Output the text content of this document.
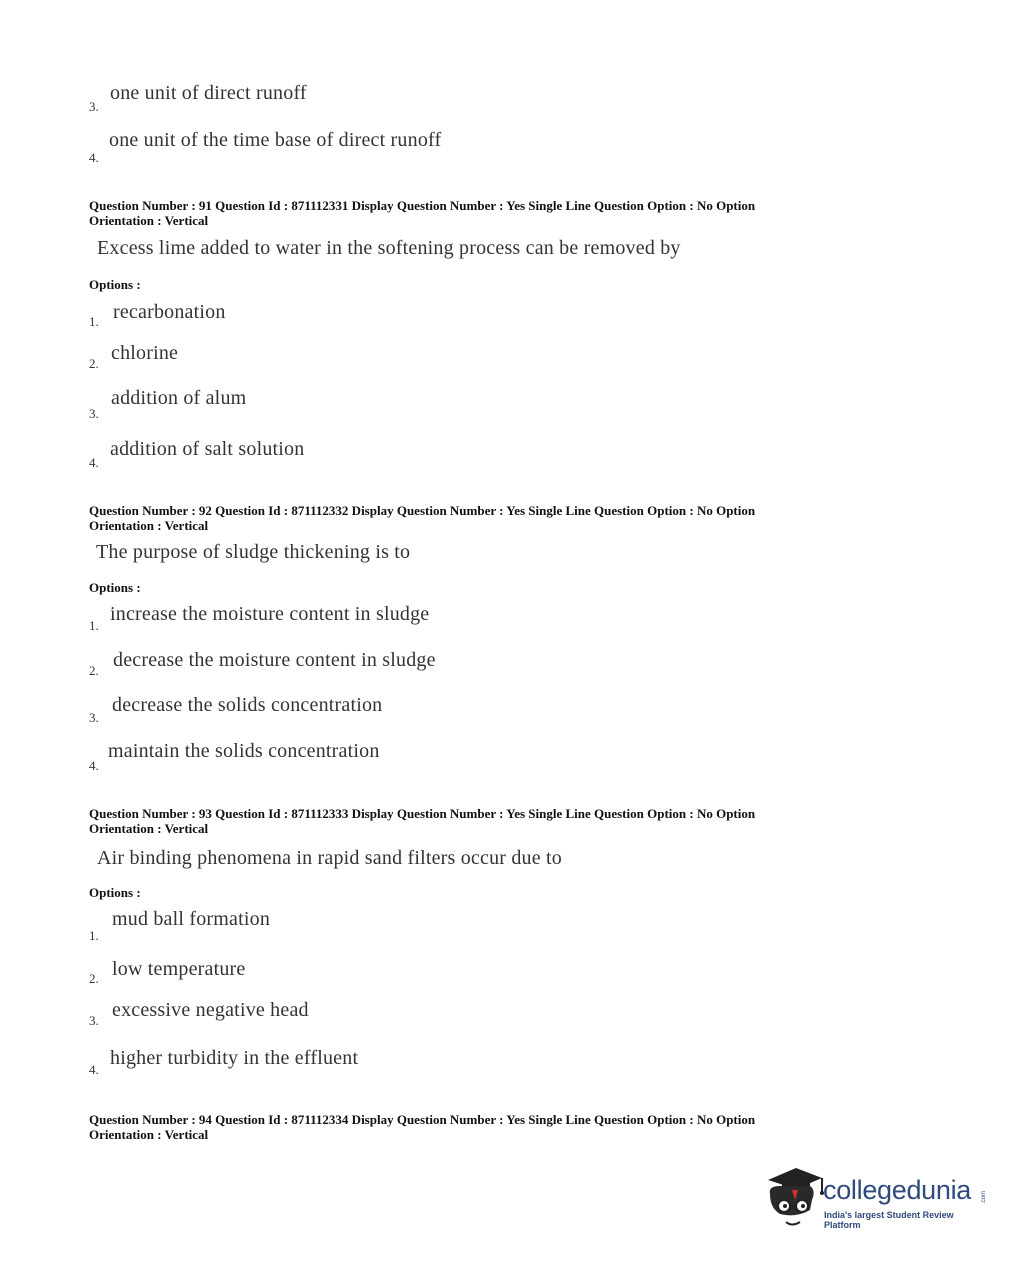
3.
one unit of direct runoff
4.
one unit of the time base of direct runoff
Question Number : 91 Question Id : 871112331 Display Question Number : Yes Single Line Question Option : No Option
Orientation : Vertical
Excess lime added to water in the softening process can be removed by
Options :
1. recarbonation
2. chlorine
3.
addition of alum
4.
addition of salt solution
Question Number : 92 Question Id : 871112332 Display Question Number : Yes Single Line Question Option : No Option
Orientation : Vertical
The purpose of sludge thickening is to
Options :
1.
increase the moisture content in sludge
2. decrease the moisture content in sludge
3.
decrease the solids concentration
4.
maintain the solids concentration
Question Number : 93 Question Id : 871112333 Display Question Number : Yes Single Line Question Option : No Option
Orientation : Vertical
Air binding phenomena in rapid sand filters occur due to
Options :
1.
mud ball formation
2. low temperature
3. excessive negative head
4.
higher turbidity in the effluent
Question Number : 94 Question Id : 871112334 Display Question Number : Yes Single Line Question Option : No Option
Orientation : Vertical
collegedunia .com
India's largest Student Review Platform
